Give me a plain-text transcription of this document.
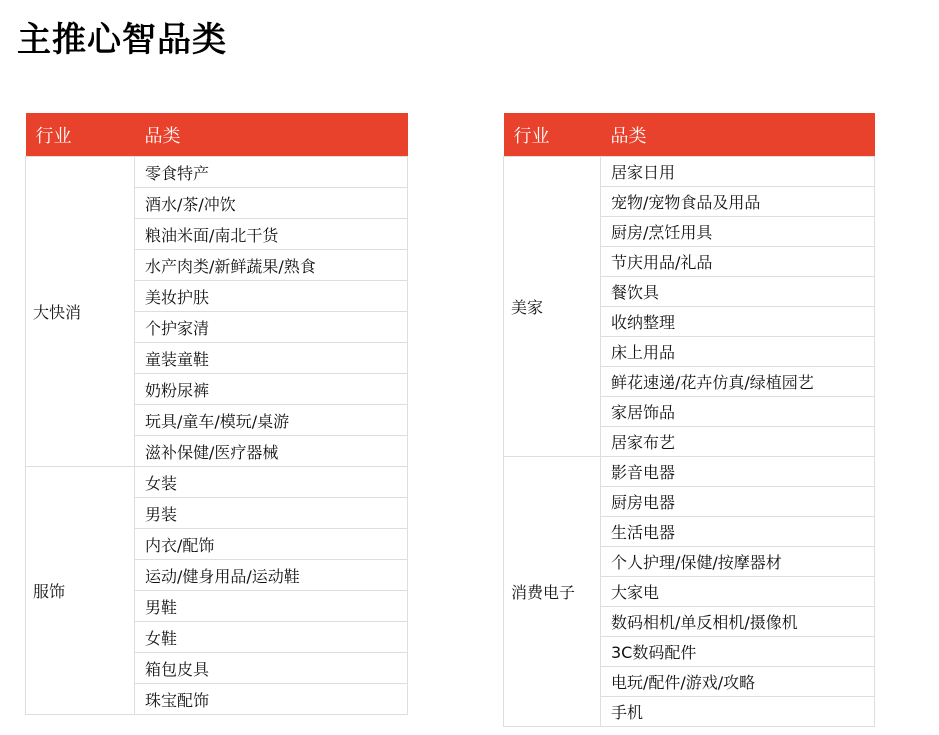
主推心智品类
行业	品类
大快消	零食特产
	酒水/茶/冲饮
	粮油米面/南北干货
	水产肉类/新鲜蔬果/熟食
	美妆护肤
	个护家清
	童装童鞋
	奶粉尿裤
	玩具/童车/模玩/桌游
	滋补保健/医疗器械
服饰	女装
	男装
	内衣/配饰
	运动/健身用品/运动鞋
	男鞋
	女鞋
	箱包皮具
	珠宝配饰
行业	品类
美家	居家日用
	宠物/宠物食品及用品
	厨房/烹饪用具
	节庆用品/礼品
	餐饮具
	收纳整理
	床上用品
	鲜花速递/花卉仿真/绿植园艺
	家居饰品
	居家布艺
消费电子	影音电器
	厨房电器
	生活电器
	个人护理/保健/按摩器材
	大家电
	数码相机/单反相机/摄像机
	3C数码配件
	电玩/配件/游戏/攻略
	手机
